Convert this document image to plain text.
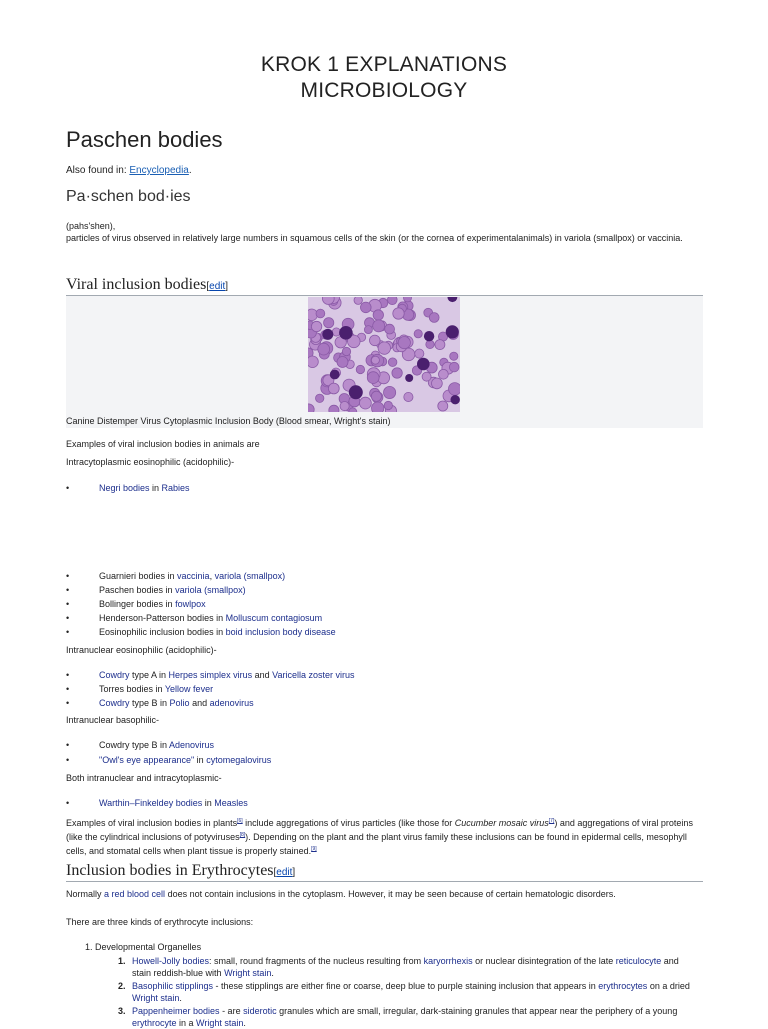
KROK 1 EXPLANATIONS
MICROBIOLOGY
Paschen bodies
Also found in: Encyclopedia.
Pa·schen bod·ies
(pahs'shen),
particles of virus observed in relatively large numbers in squamous cells of the skin (or the cornea of experimentalanimals) in variola (smallpox) or vaccinia.
Viral inclusion bodies[edit]
Canine Distemper Virus Cytoplasmic Inclusion Body (Blood smear, Wright's stain)
Examples of viral inclusion bodies in animals are
Intracytoplasmic eosinophilic (acidophilic)-
•	Negri bodies in Rabies
•	Guarnieri bodies in vaccinia, variola (smallpox)
•	Paschen bodies in variola (smallpox)
•	Bollinger bodies in fowlpox
•	Henderson-Patterson bodies in Molluscum contagiosum
•	Eosinophilic inclusion bodies in boid inclusion body disease
Intranuclear eosinophilic (acidophilic)-
•	Cowdry type A in Herpes simplex virus and Varicella zoster virus
•	Torres bodies in Yellow fever
•	Cowdry type B in Polio and adenovirus
Intranuclear basophilic-
•	Cowdry type B in Adenovirus
•	"Owl's eye appearance" in cytomegalovirus
Both intranuclear and intracytoplasmic-
•	Warthin–Finkeldey bodies in Measles
Examples of viral inclusion bodies in plants[6] include aggregations of virus particles (like those for Cucumber mosaic virus[7]) and aggregations of viral proteins (like the cylindrical inclusions of potyviruses[8]). Depending on the plant and the plant virus family these inclusions can be found in epidermal cells, mesophyll cells, and stomatal cells when plant tissue is properly stained.[9]
Inclusion bodies in Erythrocytes[edit]
Normally a red blood cell does not contain inclusions in the cytoplasm. However, it may be seen because of certain hematologic disorders.
There are three kinds of erythrocyte inclusions:
1. Developmental Organelles
1. Howell-Jolly bodies: small, round fragments of the nucleus resulting from karyorrhexis or nuclear disintegration of the late reticulocyte and stain reddish-blue with Wright stain.
2. Basophilic stipplings - these stipplings are either fine or coarse, deep blue to purple staining inclusion that appears in erythrocytes on a dried Wright stain.
3. Pappenheimer bodies - are siderotic granules which are small, irregular, dark-staining granules that appear near the periphery of a young erythrocyte in a Wright stain.
